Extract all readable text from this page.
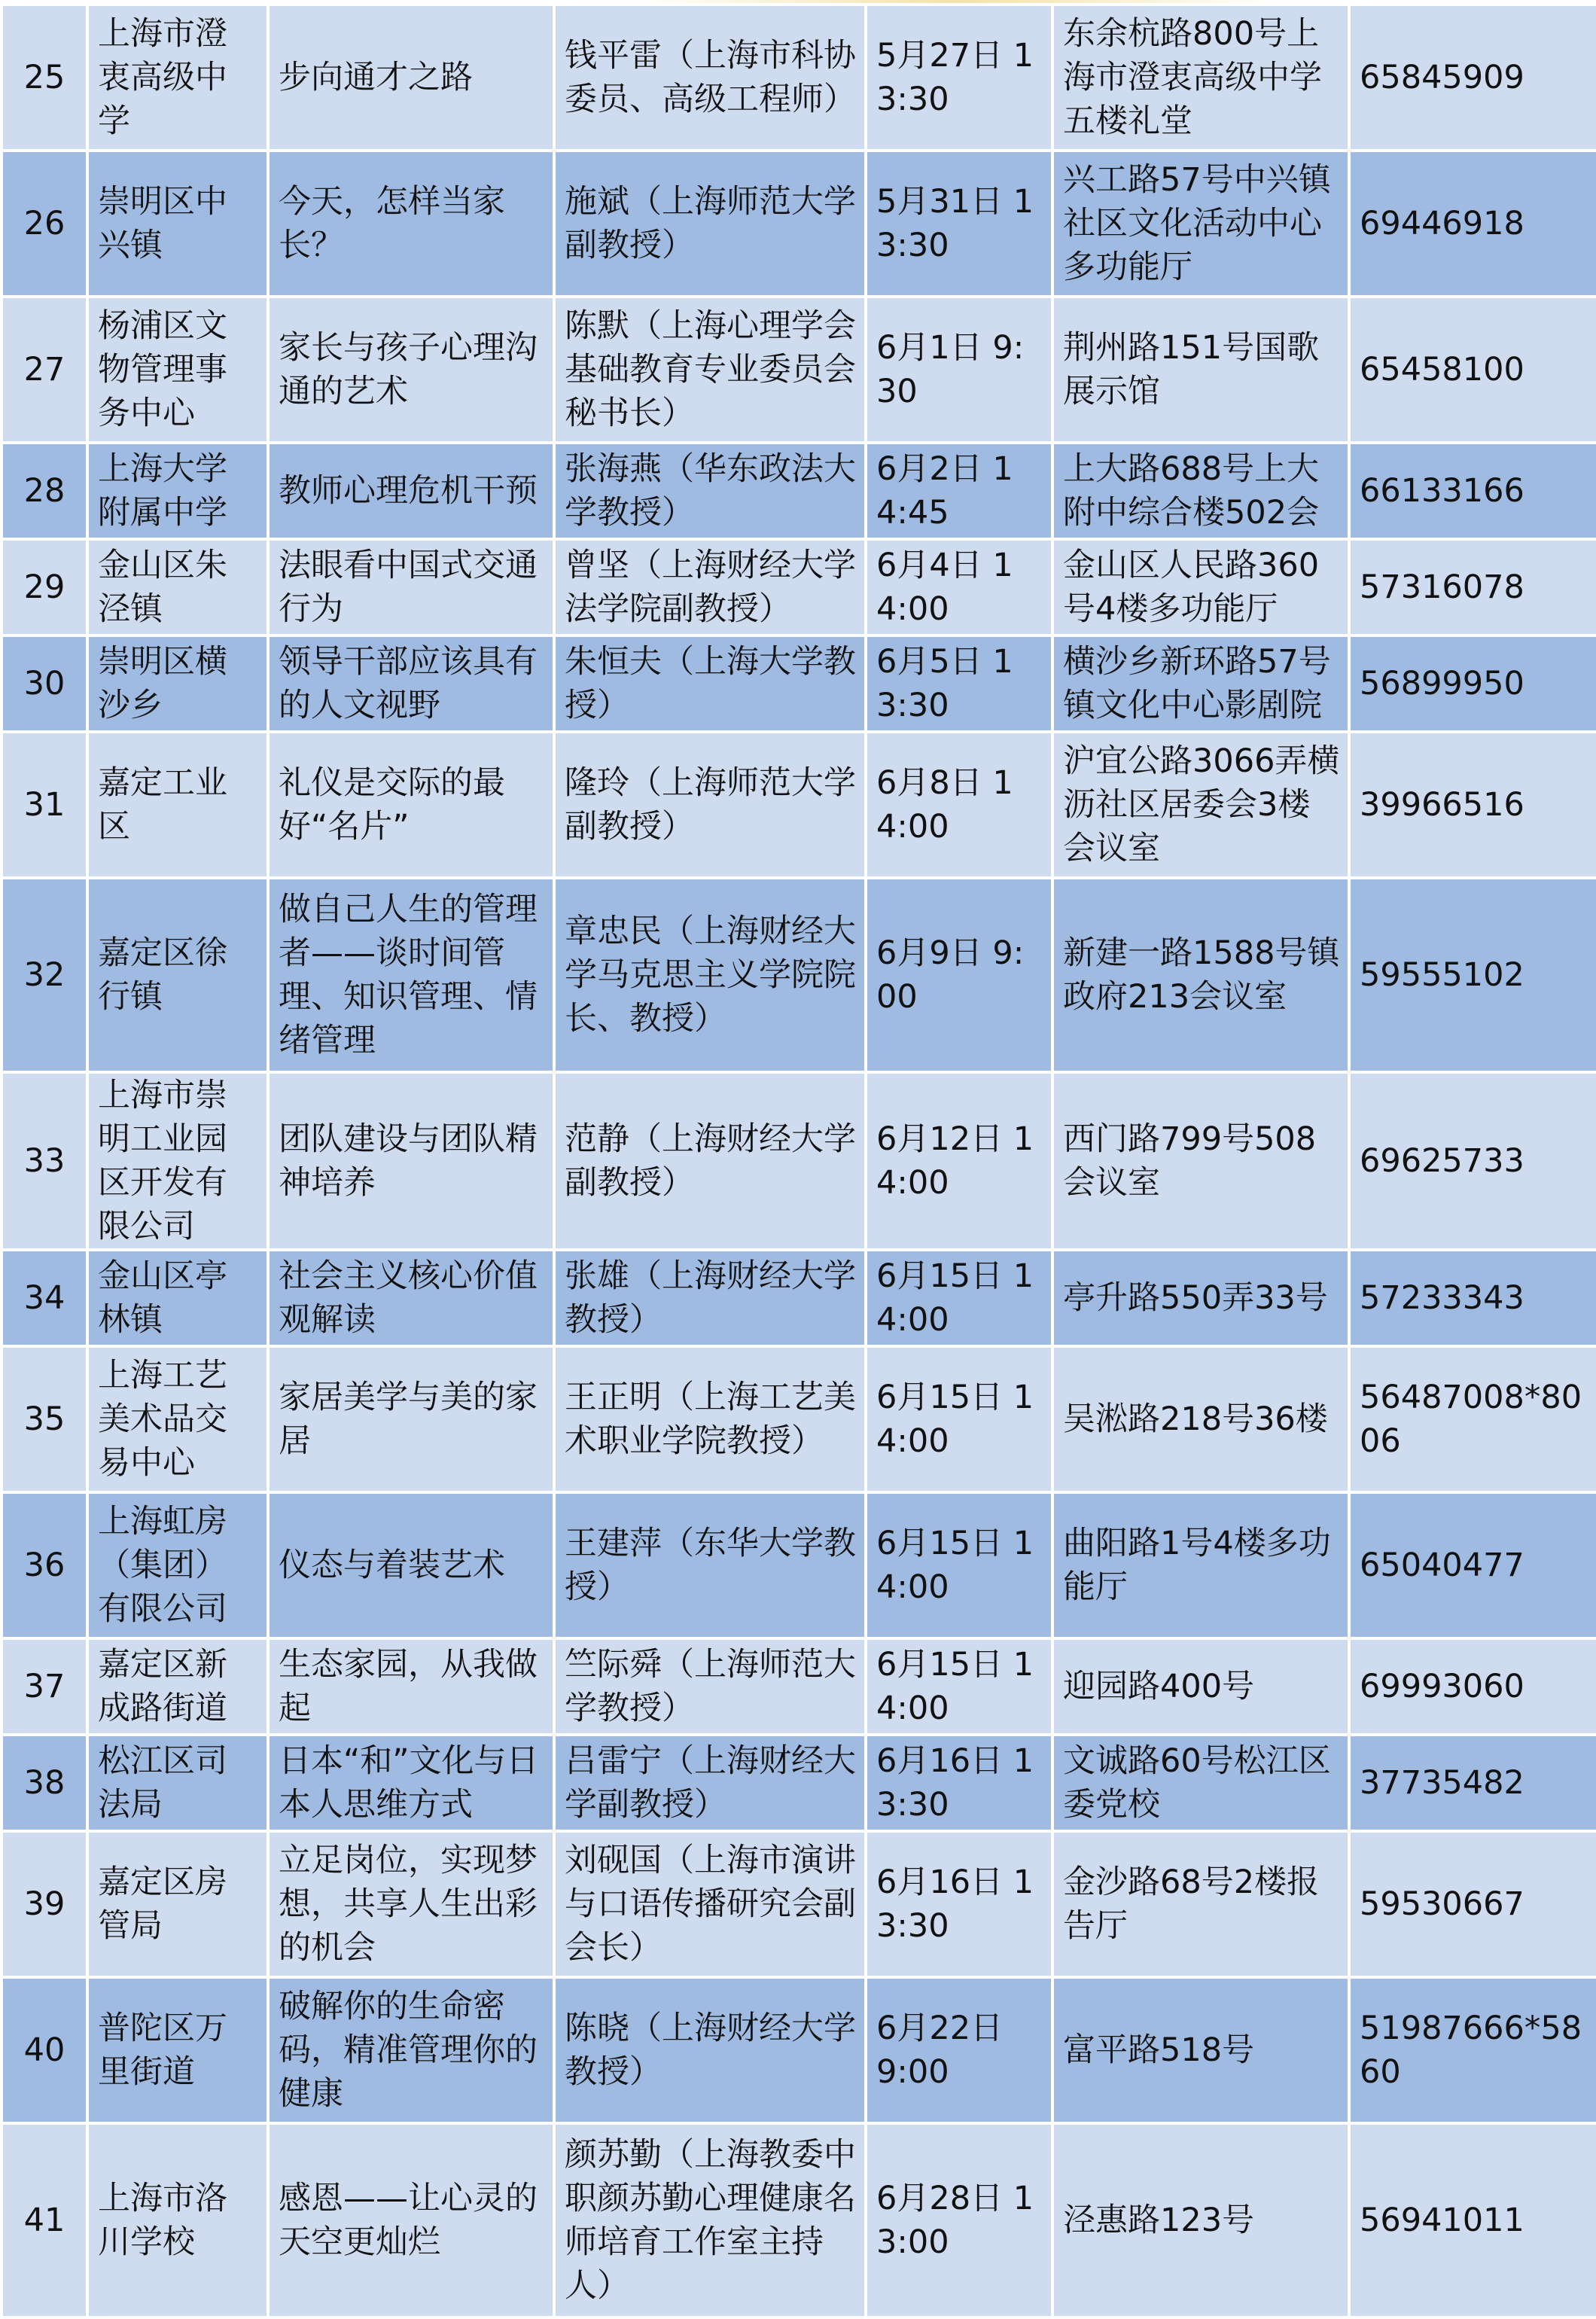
25	上海市澄衷高级中学	步向通才之路	钱平雷（上海市科协委员、高级工程师）	5月27日 13:30	东余杭路800号上海市澄衷高级中学五楼礼堂	65845909
26	崇明区中兴镇	今天，怎样当家长？	施斌（上海师范大学副教授）	5月31日 13:30	兴工路57号中兴镇社区文化活动中心多功能厅	69446918
27	杨浦区文物管理事务中心	家长与孩子心理沟通的艺术	陈默（上海心理学会基础教育专业委员会秘书长）	6月1日 9:30	荆州路151号国歌展示馆	65458100
28	上海大学附属中学	教师心理危机干预	张海燕（华东政法大学教授）	6月2日 14:45	上大路688号上大附中综合楼502会	66133166
29	金山区朱泾镇	法眼看中国式交通行为	曾坚（上海财经大学法学院副教授）	6月4日 14:00	金山区人民路360号4楼多功能厅	57316078
30	崇明区横沙乡	领导干部应该具有的人文视野	朱恒夫（上海大学教授）	6月5日 13:30	横沙乡新环路57号镇文化中心影剧院	56899950
31	嘉定工业区	礼仪是交际的最好“名片”	隆玲（上海师范大学副教授）	6月8日 14:00	沪宜公路3066弄横沥社区居委会3楼会议室	39966516
32	嘉定区徐行镇	做自己人生的管理者——谈时间管理、知识管理、情绪管理	章忠民（上海财经大学马克思主义学院院长、教授）	6月9日 9:00	新建一路1588号镇政府213会议室	59555102
33	上海市崇明工业园区开发有限公司	团队建设与团队精神培养	范静（上海财经大学副教授）	6月12日 14:00	西门路799号508会议室	69625733
34	金山区亭林镇	社会主义核心价值观解读	张雄（上海财经大学教授）	6月15日 14:00	亭升路550弄33号	57233343
35	上海工艺美术品交易中心	家居美学与美的家居	王正明（上海工艺美术职业学院教授）	6月15日 14:00	吴淞路218号36楼	56487008*8006
36	上海虹房（集团）有限公司	仪态与着装艺术	王建萍（东华大学教授）	6月15日 14:00	曲阳路1号4楼多功能厅	65040477
37	嘉定区新成路街道	生态家园，从我做起	竺际舜（上海师范大学教授）	6月15日 14:00	迎园路400号	69993060
38	松江区司法局	日本“和”文化与日本人思维方式	吕雷宁（上海财经大学副教授）	6月16日 13:30	文诚路60号松江区委党校	37735482
39	嘉定区房管局	立足岗位，实现梦想，共享人生出彩的机会	刘砚国（上海市演讲与口语传播研究会副会长）	6月16日 13:30	金沙路68号2楼报告厅	59530667
40	普陀区万里街道	破解你的生命密码，精准管理你的健康	陈晓（上海财经大学教授）	6月22日 9:00	富平路518号	51987666*5860
41	上海市洛川学校	感恩——让心灵的天空更灿烂	颜苏勤（上海教委中职颜苏勤心理健康名师培育工作室主持人）	6月28日 13:00	泾惠路123号	56941011
